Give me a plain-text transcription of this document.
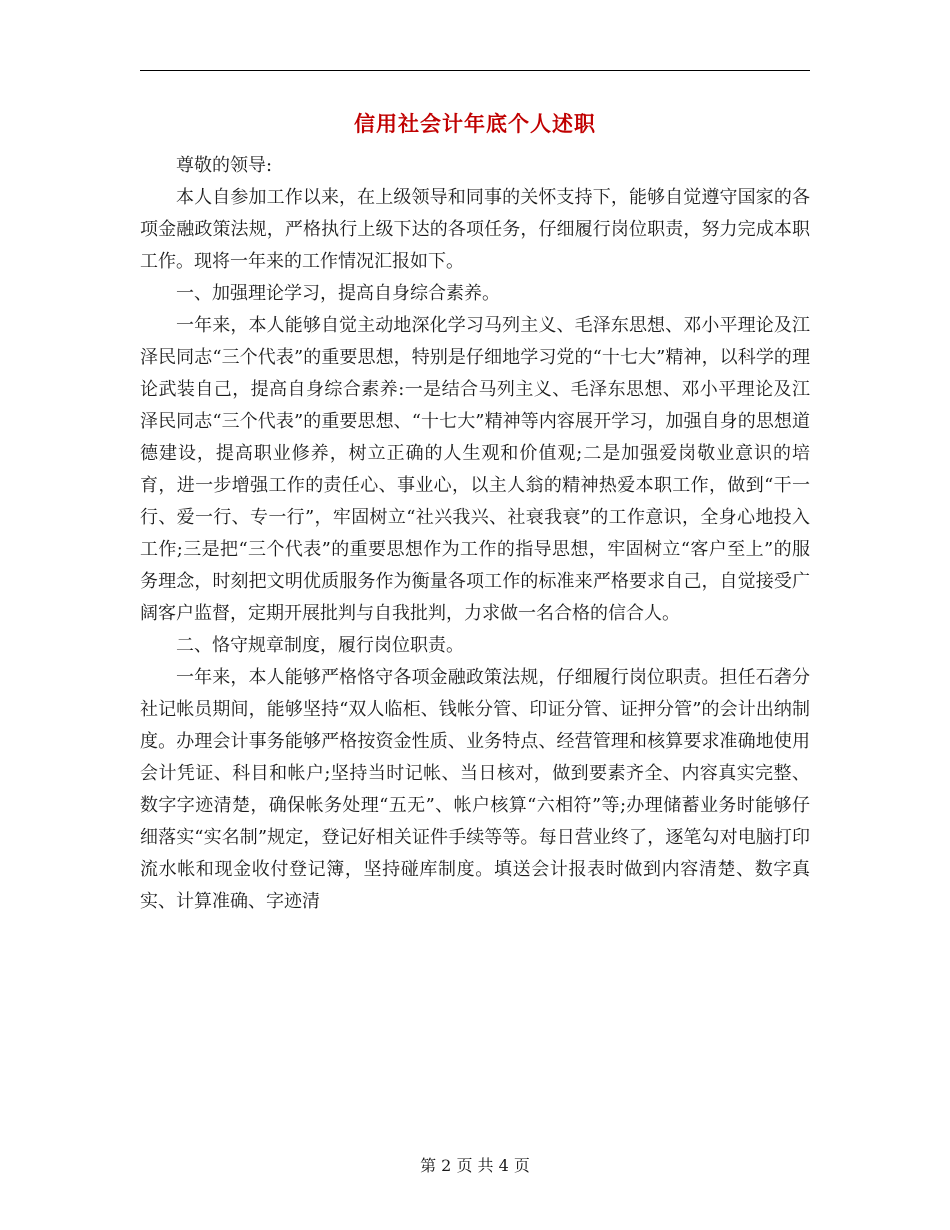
信用社会计年底个人述职

尊敬的领导:

本人自参加工作以来，在上级领导和同事的关怀支持下，能够自觉遵守国家的各项金融政策法规，严格执行上级下达的各项任务，仔细履行岗位职责，努力完成本职工作。现将一年来的工作情况汇报如下。

一、加强理论学习，提高自身综合素养。

一年来，本人能够自觉主动地深化学习马列主义、毛泽东思想、邓小平理论及江泽民同志“三个代表”的重要思想，特别是仔细地学习党的“十七大”精神，以科学的理论武装自己，提高自身综合素养:一是结合马列主义、毛泽东思想、邓小平理论及江泽民同志“三个代表”的重要思想、“十七大”精神等内容展开学习，加强自身的思想道德建设，提高职业修养，树立正确的人生观和价值观;二是加强爱岗敬业意识的培育，进一步增强工作的责任心、事业心，以主人翁的精神热爱本职工作，做到“干一行、爱一行、专一行”，牢固树立“社兴我兴、社衰我衰”的工作意识，全身心地投入工作;三是把“三个代表”的重要思想作为工作的指导思想，牢固树立“客户至上”的服务理念，时刻把文明优质服务作为衡量各项工作的标准来严格要求自己，自觉接受广阔客户监督，定期开展批判与自我批判，力求做一名合格的信合人。

二、恪守规章制度，履行岗位职责。

一年来，本人能够严格恪守各项金融政策法规，仔细履行岗位职责。担任石砻分社记帐员期间，能够坚持“双人临柜、钱帐分管、印证分管、证押分管”的会计出纳制度。办理会计事务能够严格按资金性质、业务特点、经营管理和核算要求准确地使用会计凭证、科目和帐户;坚持当时记帐、当日核对，做到要素齐全、内容真实完整、数字字迹清楚，确保帐务处理“五无”、帐户核算“六相符”等;办理储蓄业务时能够仔细落实“实名制”规定，登记好相关证件手续等等。每日营业终了，逐笔勾对电脑打印流水帐和现金收付登记簿，坚持碰库制度。填送会计报表时做到内容清楚、数字真实、计算准确、字迹清

第 2 页 共 4 页
